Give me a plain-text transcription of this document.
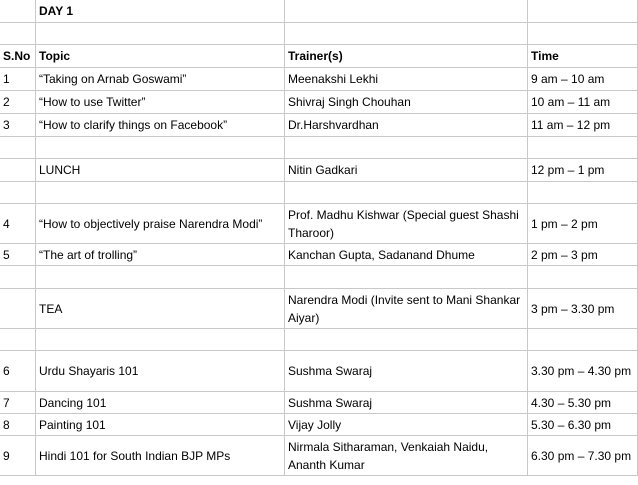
	DAY 1		

S.No	Topic	Trainer(s)	Time
1	“Taking on Arnab Goswami”	Meenakshi Lekhi	9 am – 10 am
2	“How to use Twitter”	Shivraj Singh Chouhan	10 am – 11 am
3	“How to clarify things on Facebook”	Dr.Harshvardhan	11 am – 12 pm

	LUNCH	Nitin Gadkari	12 pm – 1 pm

4	“How to objectively praise Narendra Modi”	Prof. Madhu Kishwar (Special guest Shashi Tharoor)	1 pm – 2 pm
5	“The art of trolling”	Kanchan Gupta, Sadanand Dhume	2 pm – 3 pm

	TEA	Narendra Modi (Invite sent to Mani Shankar Aiyar)	3 pm – 3.30 pm

6	Urdu Shayaris 101	Sushma Swaraj	3.30 pm – 4.30 pm
7	Dancing 101	Sushma Swaraj	4.30 – 5.30 pm
8	Painting 101	Vijay Jolly	5.30 – 6.30 pm
9	Hindi 101 for South Indian BJP MPs	Nirmala Sitharaman, Venkaiah Naidu, Ananth Kumar	6.30 pm – 7.30 pm
